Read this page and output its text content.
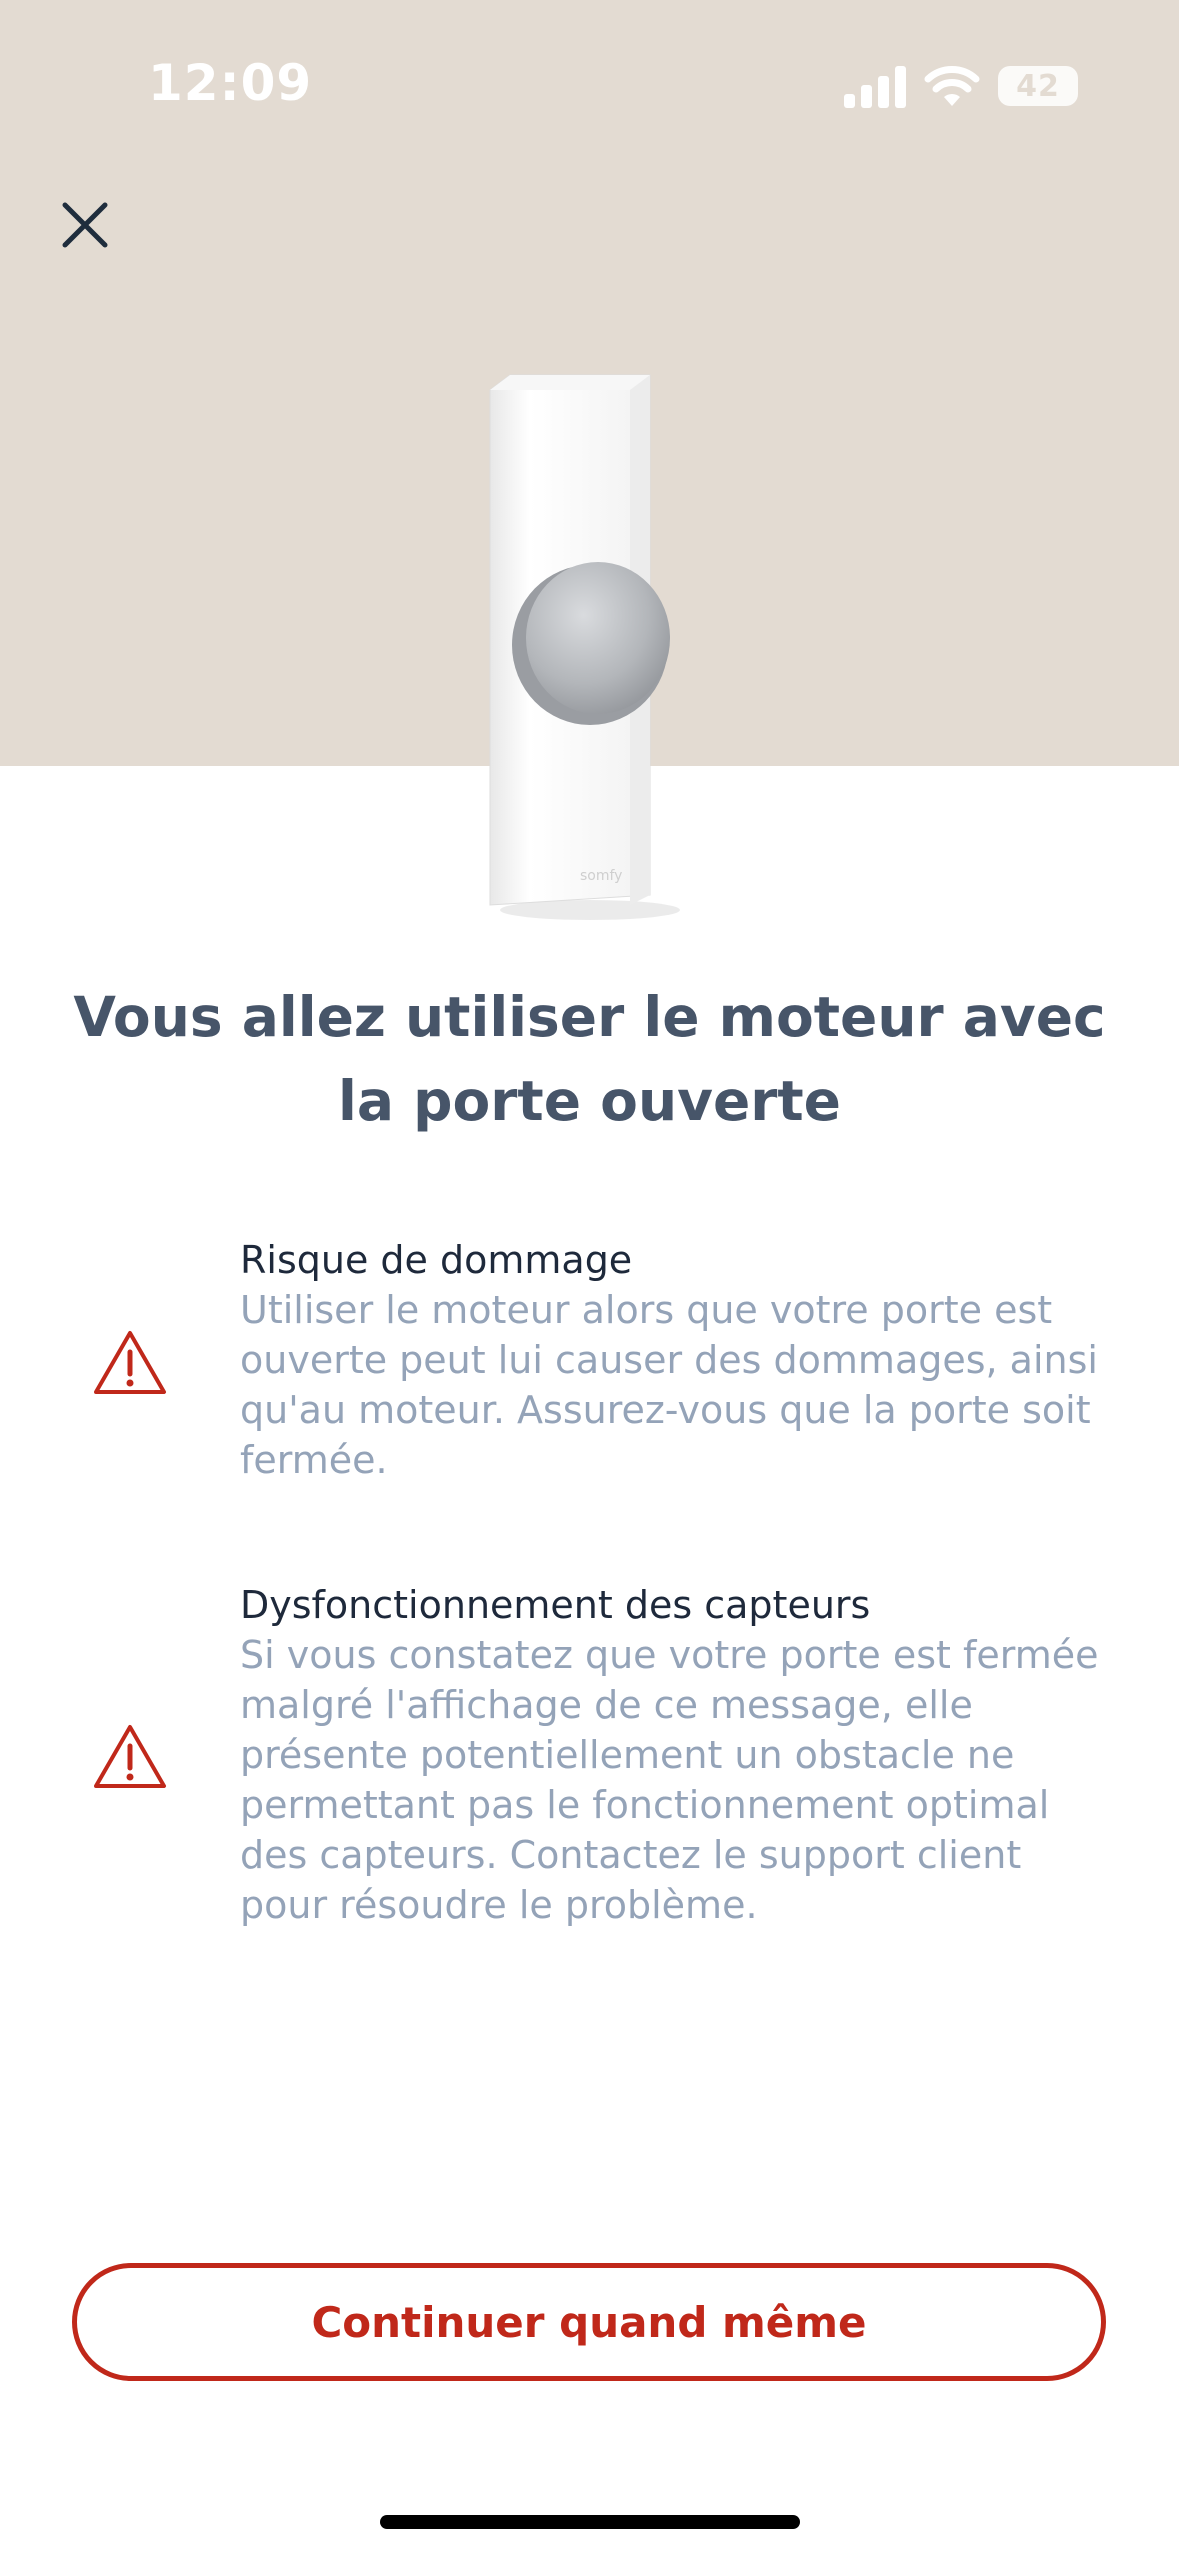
12:09	42
somfy
Vous allez utiliser le moteur avec la porte ouverte
Risque de dommage
Utiliser le moteur alors que votre porte est ouverte peut lui causer des dommages, ainsi qu'au moteur. Assurez-vous que la porte soit fermée.
Dysfonctionnement des capteurs
Si vous constatez que votre porte est fermée malgré l'affichage de ce message, elle présente potentiellement un obstacle ne permettant pas le fonctionnement optimal des capteurs. Contactez le support client pour résoudre le problème.
Continuer quand même
